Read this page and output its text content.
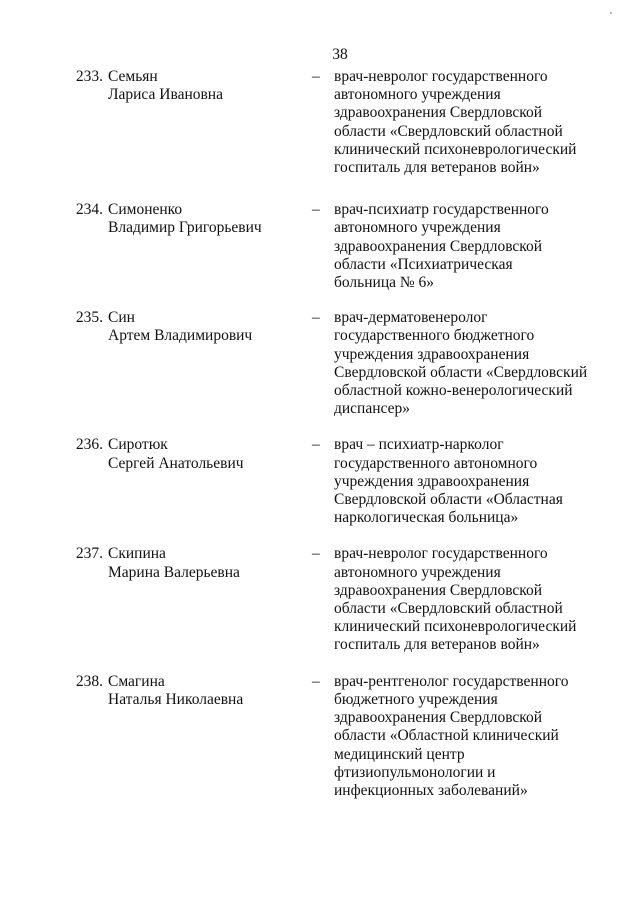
38
233. Семьян
Лариса Ивановна
– врач-невролог государственного
автономного учреждения
здравоохранения Свердловской
области «Свердловский областной
клинический психоневрологический
госпиталь для ветеранов войн»
234. Симоненко
Владимир Григорьевич
– врач-психиатр государственного
автономного учреждения
здравоохранения Свердловской
области «Психиатрическая
больница № 6»
235. Син
Артем Владимирович
– врач-дерматовенеролог
государственного бюджетного
учреждения здравоохранения
Свердловской области «Свердловский
областной кожно-венерологический
диспансер»
236. Сиротюк
Сергей Анатольевич
– врач – психиатр-нарколог
государственного автономного
учреждения здравоохранения
Свердловской области «Областная
наркологическая больница»
237. Скипина
Марина Валерьевна
– врач-невролог государственного
автономного учреждения
здравоохранения Свердловской
области «Свердловский областной
клинический психоневрологический
госпиталь для ветеранов войн»
238. Смагина
Наталья Николаевна
– врач-рентгенолог государственного
бюджетного учреждения
здравоохранения Свердловской
области «Областной клинический
медицинский центр
фтизиопульмонологии и
инфекционных заболеваний»
